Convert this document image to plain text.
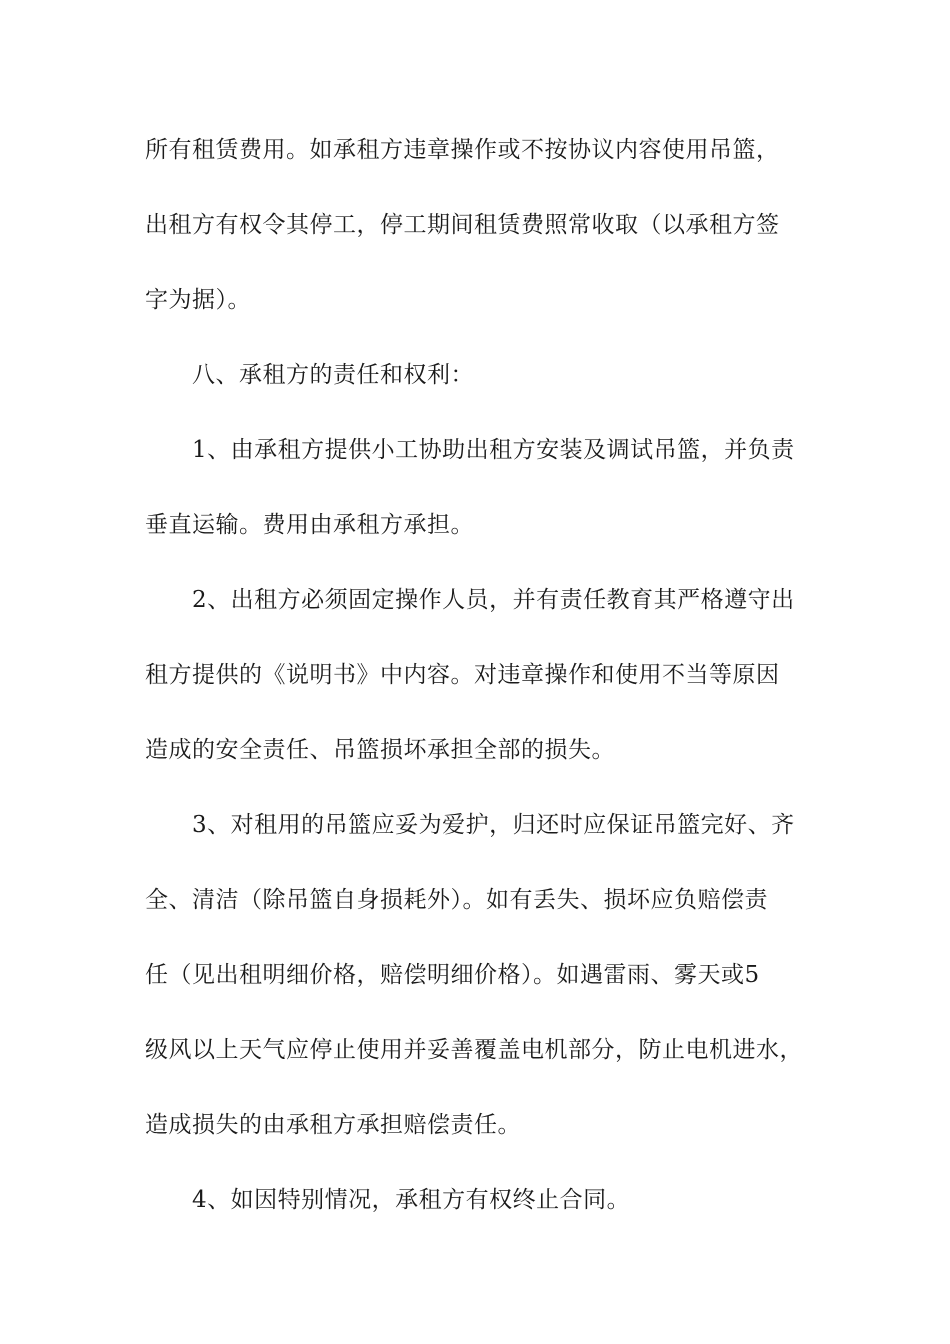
所有租赁费用。如承租方违章操作或不按协议内容使用吊篮，
出租方有权令其停工，停工期间租赁费照常收取（以承租方签
字为据）。
八、承租方的责任和权利：
1、由承租方提供小工协助出租方安装及调试吊篮，并负责
垂直运输。费用由承租方承担。
2、出租方必须固定操作人员，并有责任教育其严格遵守出
租方提供的《说明书》中内容。对违章操作和使用不当等原因
造成的安全责任、吊篮损坏承担全部的损失。
3、对租用的吊篮应妥为爱护，归还时应保证吊篮完好、齐
全、清洁（除吊篮自身损耗外）。如有丢失、损坏应负赔偿责
任（见出租明细价格，赔偿明细价格）。如遇雷雨、雾天或5
级风以上天气应停止使用并妥善覆盖电机部分，防止电机进水，
造成损失的由承租方承担赔偿责任。
4、如因特别情况，承租方有权终止合同。
